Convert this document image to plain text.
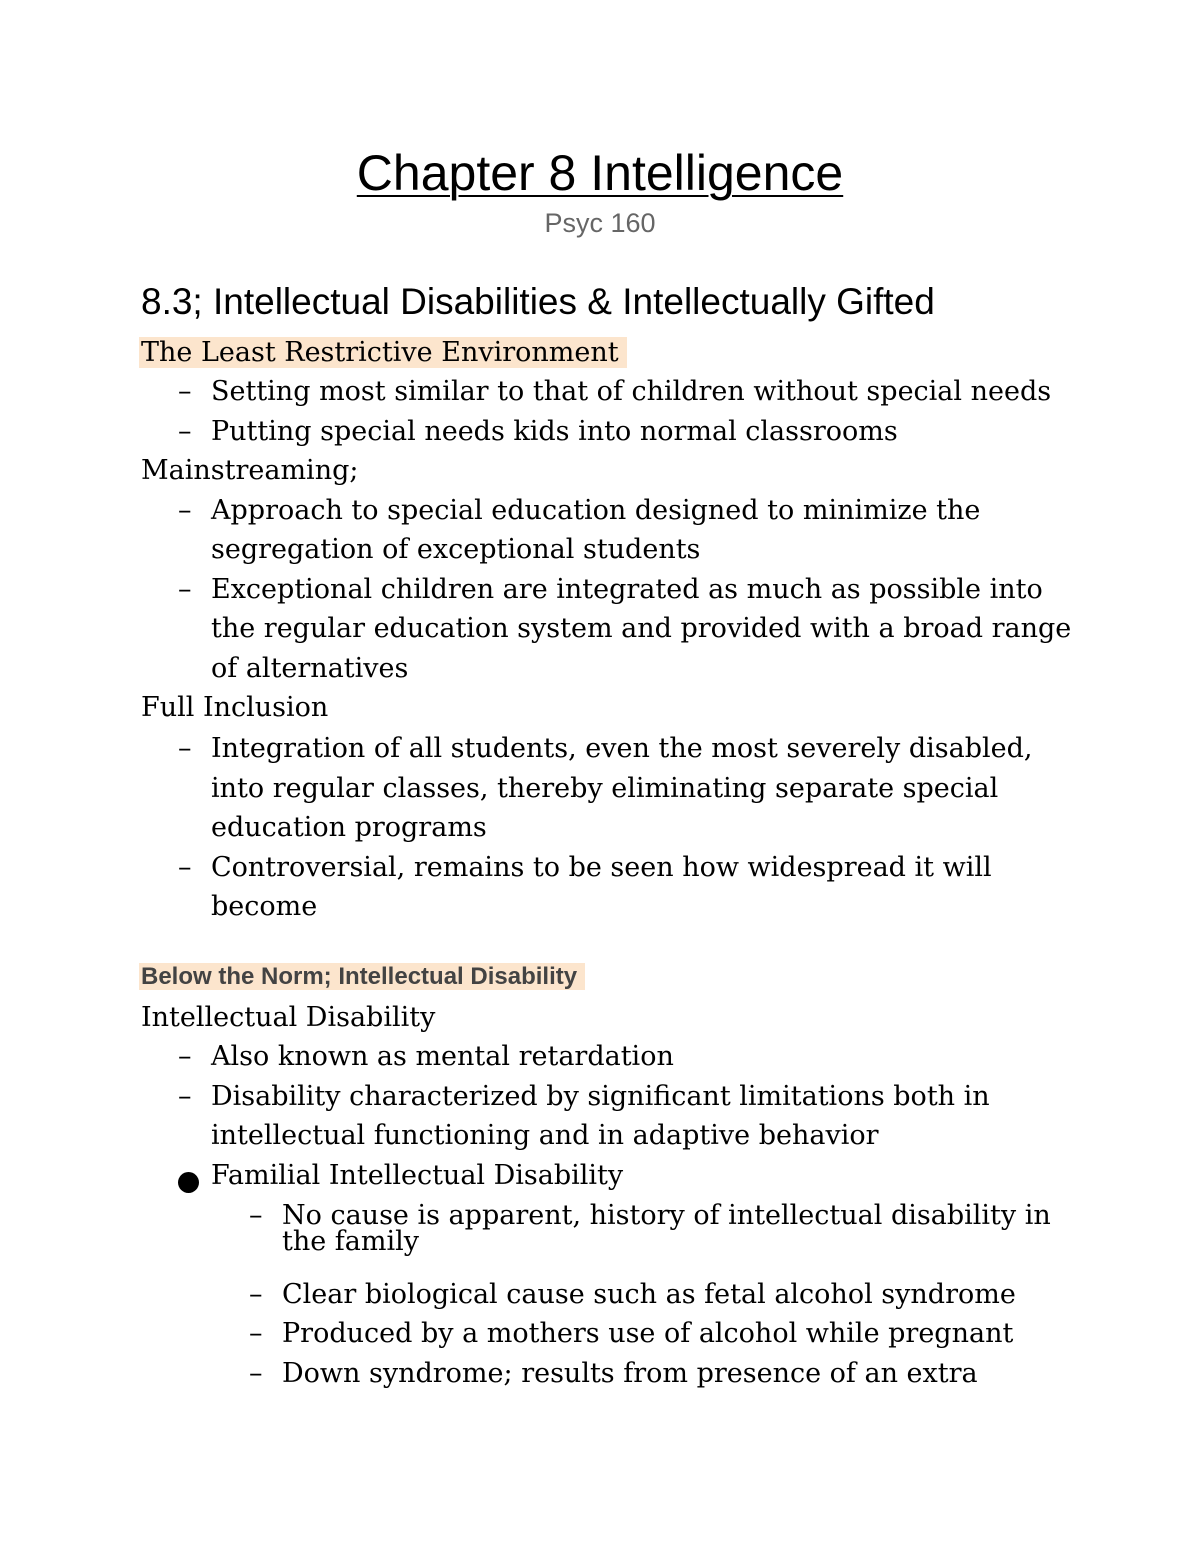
Chapter 8 Intelligence
Psyc 160
8.3; Intellectual Disabilities & Intellectually Gifted
The Least Restrictive Environment
– Setting most similar to that of children without special needs
– Putting special needs kids into normal classrooms
Mainstreaming;
– Approach to special education designed to minimize the
segregation of exceptional students
– Exceptional children are integrated as much as possible into
the regular education system and provided with a broad range
of alternatives
Full Inclusion
– Integration of all students, even the most severely disabled,
into regular classes, thereby eliminating separate special
education programs
– Controversial, remains to be seen how widespread it will
become
Below the Norm; Intellectual Disability
Intellectual Disability
– Also known as mental retardation
– Disability characterized by significant limitations both in
intellectual functioning and in adaptive behavior
Familial Intellectual Disability
– No cause is apparent, history of intellectual disability in
the family
– Clear biological cause such as fetal alcohol syndrome
– Produced by a mothers use of alcohol while pregnant
– Down syndrome; results from presence of an extra
